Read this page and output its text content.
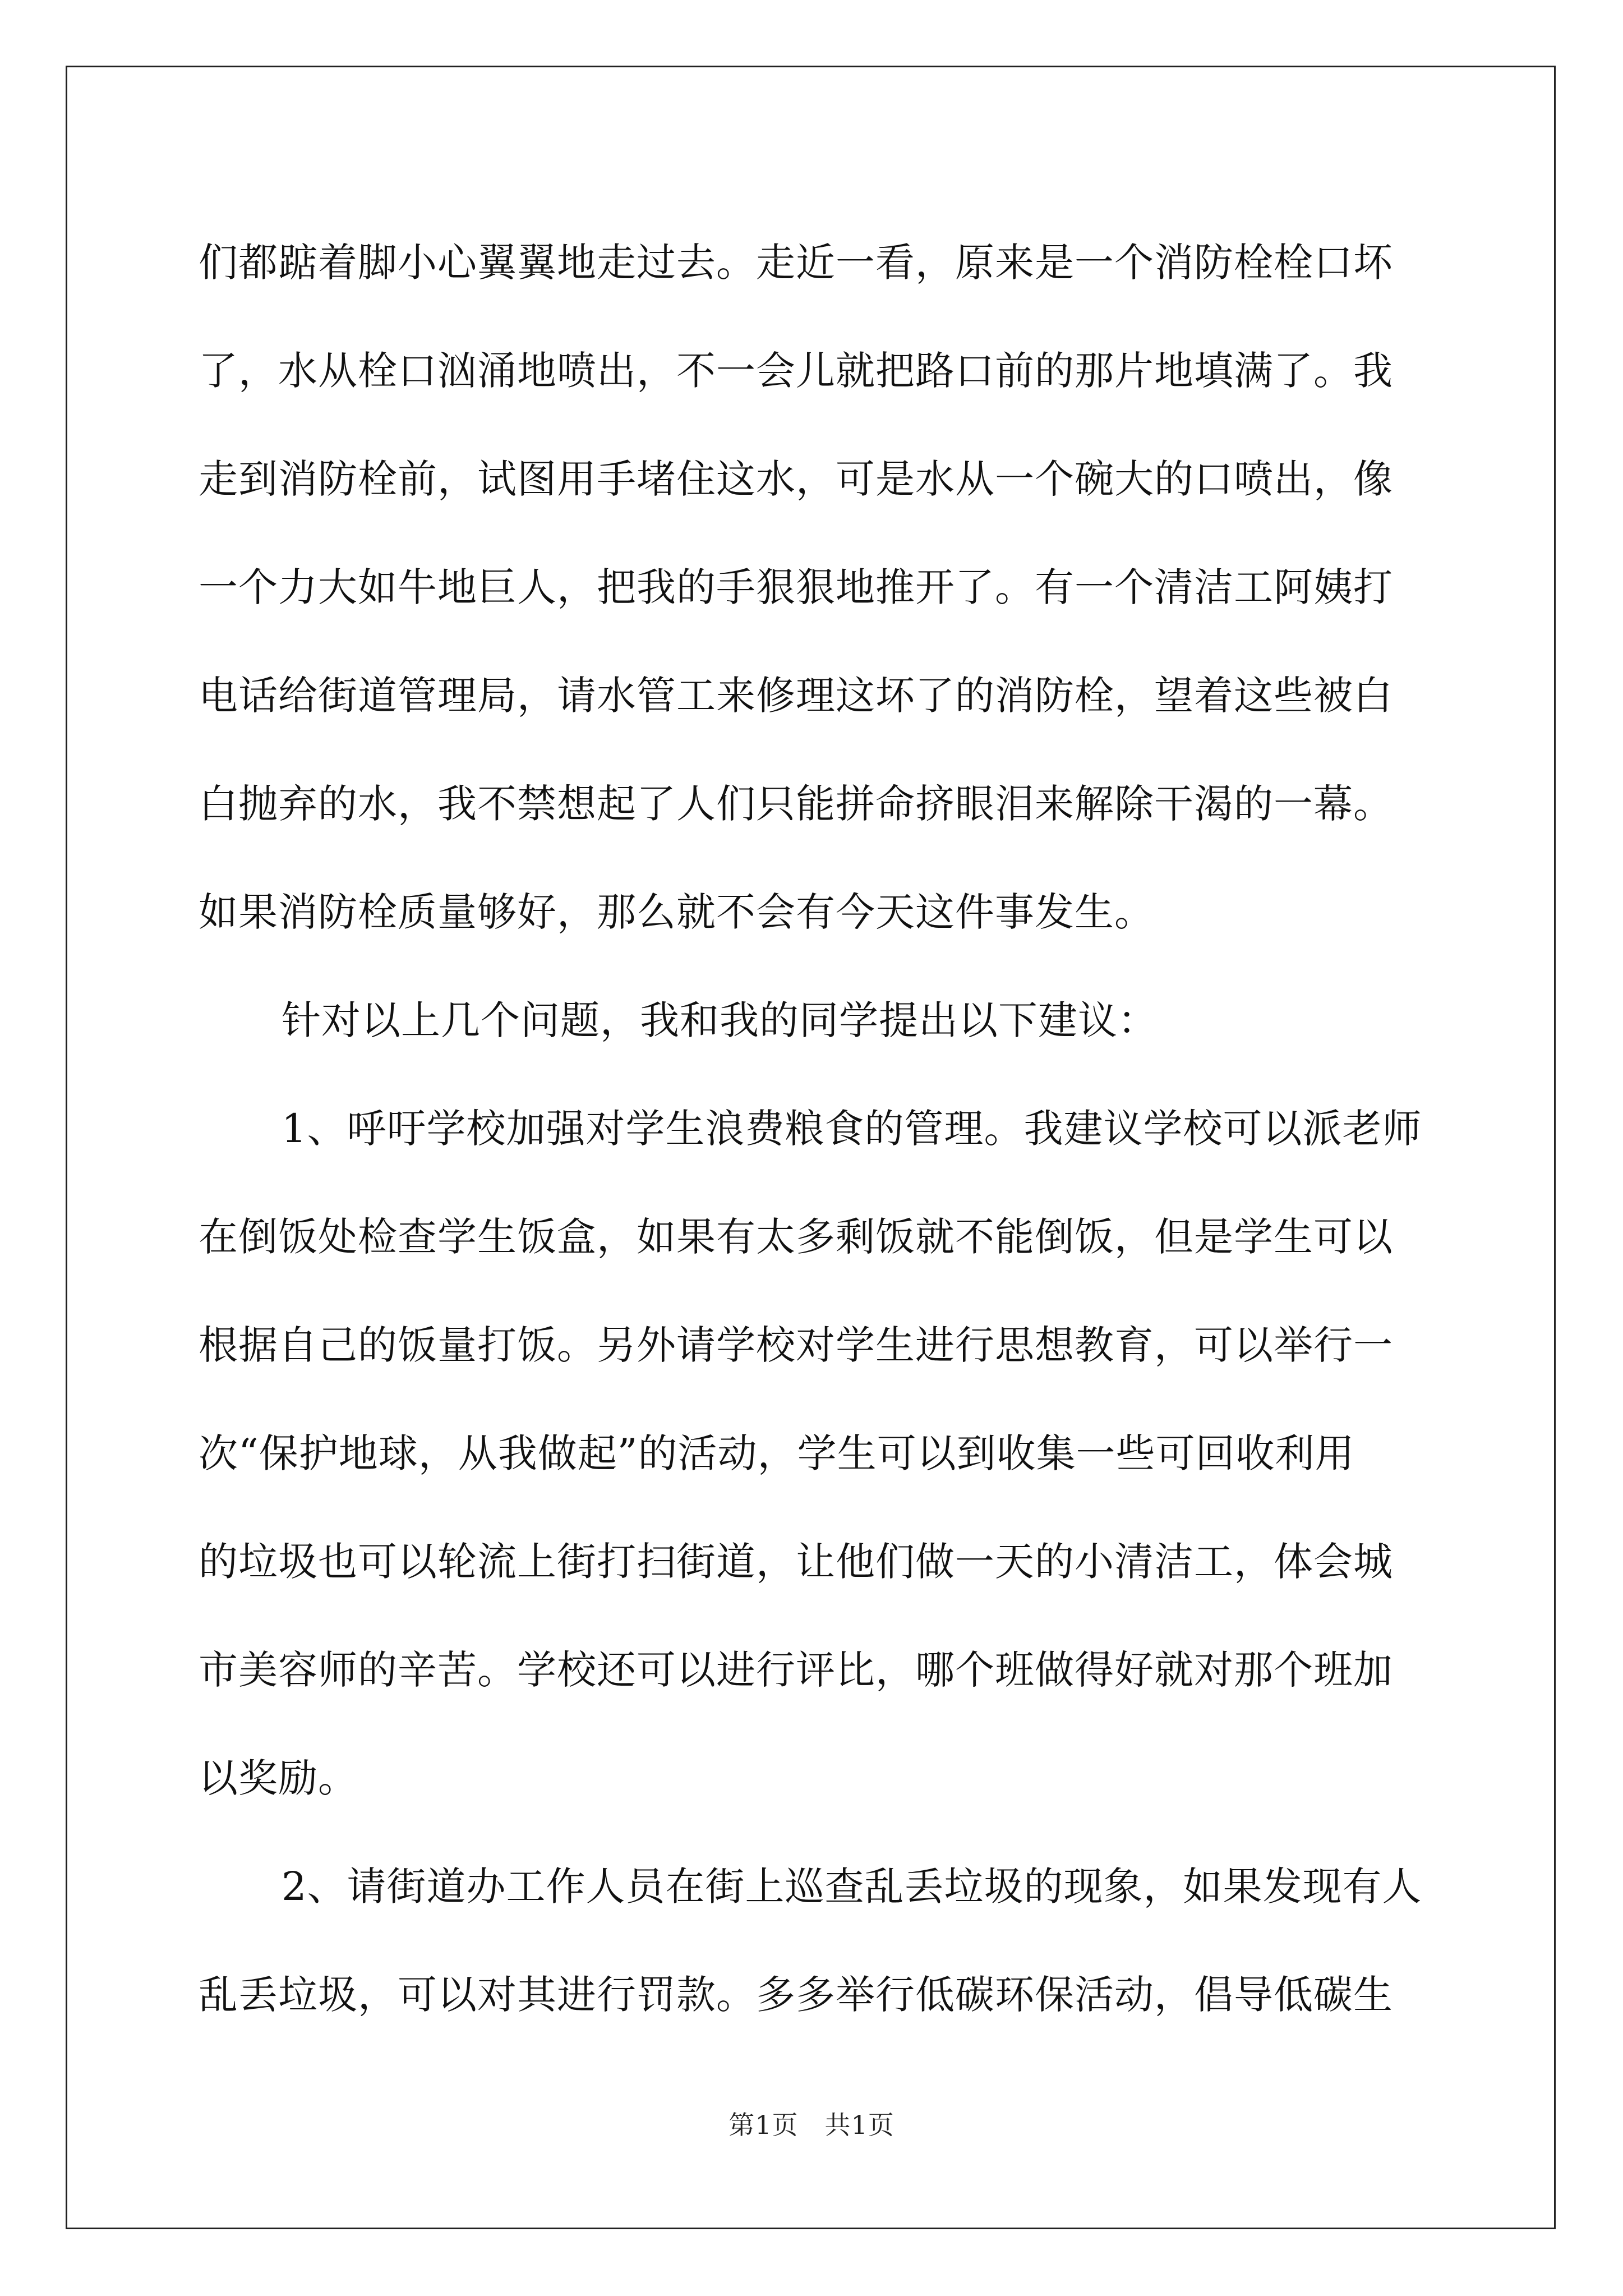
们都踮着脚小心翼翼地走过去。走近一看，原来是一个消防栓栓口坏
了，水从栓口汹涌地喷出，不一会儿就把路口前的那片地填满了。我
走到消防栓前，试图用手堵住这水，可是水从一个碗大的口喷出，像
一个力大如牛地巨人，把我的手狠狠地推开了。有一个清洁工阿姨打
电话给街道管理局，请水管工来修理这坏了的消防栓，望着这些被白
白抛弃的水，我不禁想起了人们只能拼命挤眼泪来解除干渴的一幕。
如果消防栓质量够好，那么就不会有今天这件事发生。
针对以上几个问题，我和我的同学提出以下建议：
1、呼吁学校加强对学生浪费粮食的管理。我建议学校可以派老师
在倒饭处检查学生饭盒，如果有太多剩饭就不能倒饭，但是学生可以
根据自己的饭量打饭。另外请学校对学生进行思想教育，可以举行一
次“保护地球，从我做起”的活动，学生可以到收集一些可回收利用
的垃圾也可以轮流上街打扫街道，让他们做一天的小清洁工，体会城
市美容师的辛苦。学校还可以进行评比，哪个班做得好就对那个班加
以奖励。
2、请街道办工作人员在街上巡查乱丢垃圾的现象，如果发现有人
乱丢垃圾，可以对其进行罚款。多多举行低碳环保活动，倡导低碳生
第1页　共1页
